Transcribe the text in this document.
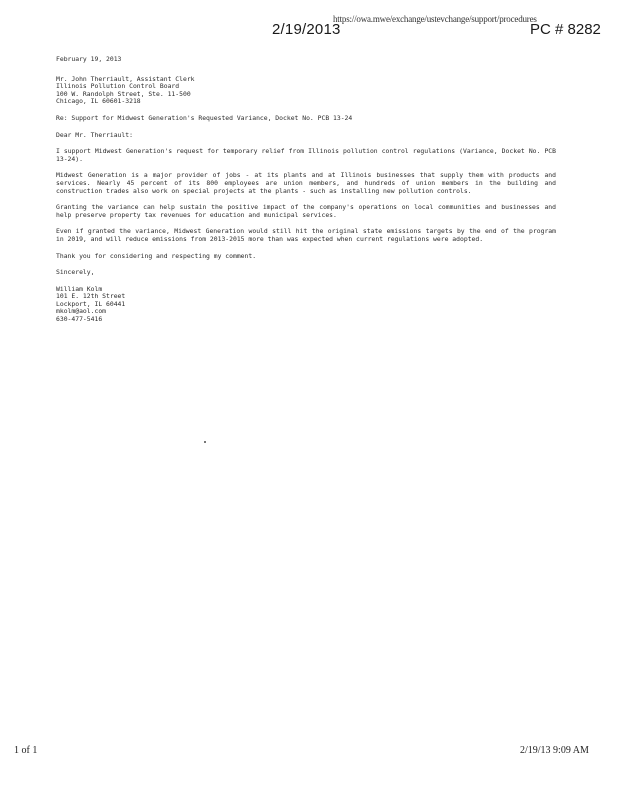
2/19/2013
https://owa.mwe/exchange/ustevchange/support/procedures
PC # 8282
February 19, 2013
Mr. John Therriault, Assistant Clerk
Illinois Pollution Control Board
100 W. Randolph Street, Ste. 11-500
Chicago, IL 60601-3218
Re: Support for Midwest Generation's Requested Variance, Docket No. PCB 13-24
Dear Mr. Therriault:
I support Midwest Generation's request for temporary relief from Illinois pollution control regulations (Variance, Docket No. PCB 13-24).
Midwest Generation is a major provider of jobs - at its plants and at Illinois businesses that supply them with products and services. Nearly 45 percent of its 800 employees are union members, and hundreds of union members in the building and construction trades also work on special projects at the plants - such as installing new pollution controls.
Granting the variance can help sustain the positive impact of the company's operations on local communities and businesses and help preserve property tax revenues for education and municipal services.
Even if granted the variance, Midwest Generation would still hit the original state emissions targets by the end of the program in 2019, and will reduce emissions from 2013-2015 more than was expected when current regulations were adopted.
Thank you for considering and respecting my comment.
Sincerely,
William Kolm
101 E. 12th Street
Lockport, IL 60441
mkolm@aol.com
630-477-5416
1 of 1	2/19/13 9:09 AM
